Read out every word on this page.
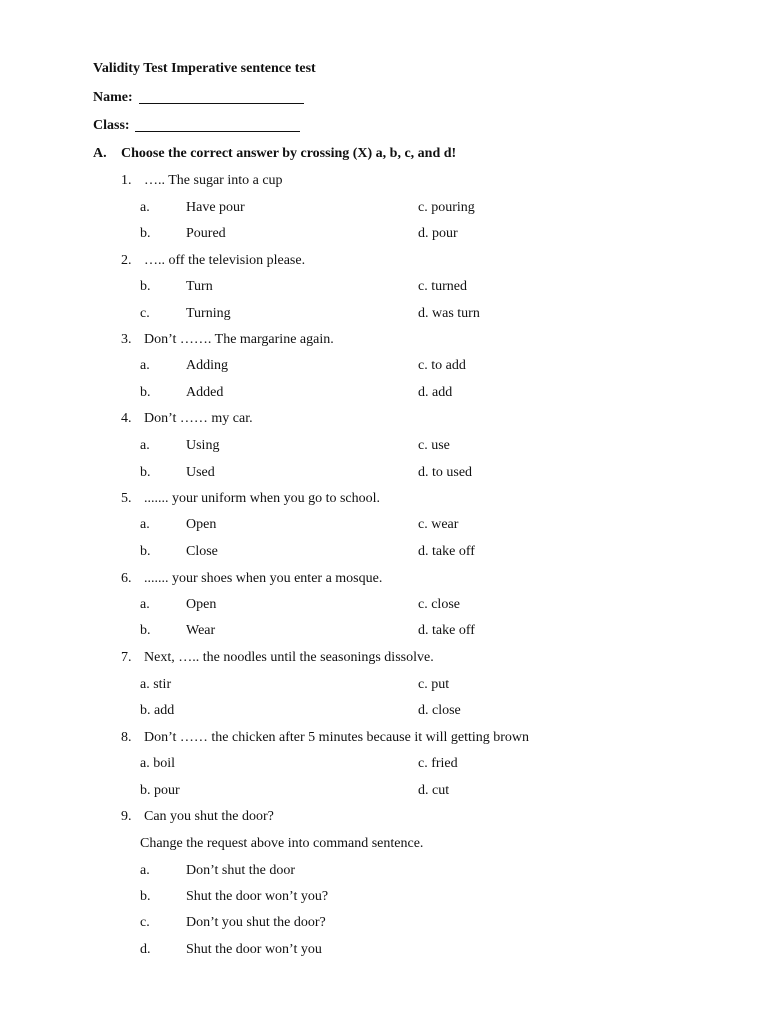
Validity Test Imperative sentence test
Name:
Class:
A. Choose the correct answer by crossing (X) a, b, c, and d!
1. ….. The sugar into a cup
a.	Have pour	c. pouring
b.	Poured	d. pour
2. ….. off the television please.
b.	Turn	c. turned
c.	Turning	d. was turn
3. Don’t ……. The margarine again.
a.	Adding	c. to add
b.	Added	d. add
4. Don’t …… my car.
a.	Using	c. use
b.	Used	d. to used
5. ....... your uniform when you go to school.
a.	Open	c. wear
b.	Close	d. take off
6. ....... your shoes when you enter a mosque.
a.	Open	c. close
b.	Wear	d. take off
7. Next, ….. the noodles until the seasonings dissolve.
a. stir	c. put
b. add	d. close
8. Don’t …… the chicken after 5 minutes because it will getting brown
a. boil	c. fried
b. pour	d. cut
9. Can you shut the door?
Change the request above into command sentence.
a.	Don’t shut the door
b.	Shut the door won’t you?
c.	Don’t you shut the door?
d.	Shut the door won’t you
